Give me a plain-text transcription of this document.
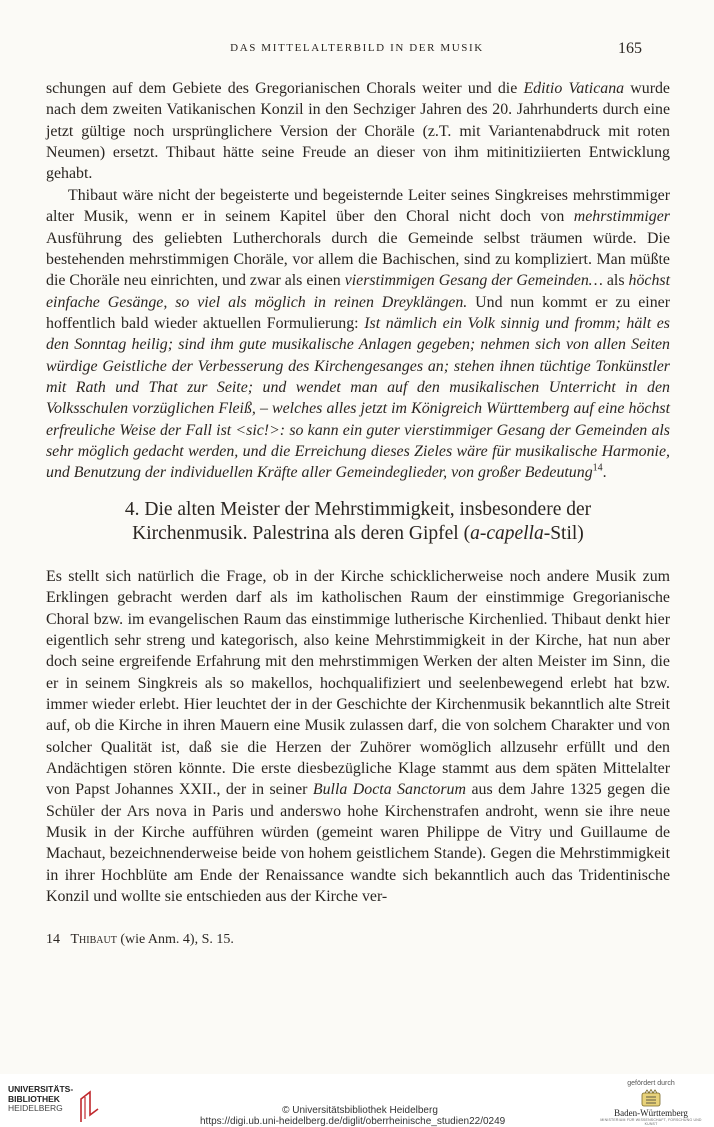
DAS MITTELALTERBILD IN DER MUSIK	165

schungen auf dem Gebiete des Gregorianischen Chorals weiter und die Editio Vaticana wurde nach dem zweiten Vatikanischen Konzil in den Sechziger Jahren des 20. Jahrhunderts durch eine jetzt gültige noch ursprünglichere Version der Choräle (z.T. mit Variantenabdruck mit roten Neumen) ersetzt. Thibaut hätte seine Freude an dieser von ihm mitinitiziierten Entwicklung gehabt.

Thibaut wäre nicht der begeisterte und begeisternde Leiter seines Singkreises mehrstimmiger alter Musik, wenn er in seinem Kapitel über den Choral nicht doch von mehrstimmiger Ausführung des geliebten Lutherchorals durch die Gemeinde selbst träumen würde. Die bestehenden mehrstimmigen Choräle, vor allem die Bachischen, sind zu kompliziert. Man müßte die Choräle neu einrichten, und zwar als einen vierstimmigen Gesang der Gemeinden… als höchst einfache Gesänge, so viel als möglich in reinen Dreyklängen. Und nun kommt er zu einer hoffentlich bald wieder aktuellen Formulierung: Ist nämlich ein Volk sinnig und fromm; hält es den Sonntag heilig; sind ihm gute musikalische Anlagen gegeben; nehmen sich von allen Seiten würdige Geistliche der Verbesserung des Kirchengesanges an; stehen ihnen tüchtige Tonkünstler mit Rath und That zur Seite; und wendet man auf den musikalischen Unterricht in den Volksschulen vorzüglichen Fleiß, – welches alles jetzt im Königreich Württemberg auf eine höchst erfreuliche Weise der Fall ist <sic!>: so kann ein guter vierstimmiger Gesang der Gemeinden als sehr möglich gedacht werden, und die Erreichung dieses Zieles wäre für musikalische Harmonie, und Benutzung der individuellen Kräfte aller Gemeindeglieder, von großer Bedeutung$^{14}$.

4. Die alten Meister der Mehrstimmigkeit, insbesondere der
Kirchenmusik. Palestrina als deren Gipfel (a-capella-Stil)

Es stellt sich natürlich die Frage, ob in der Kirche schicklicherweise noch andere Musik zum Erklingen gebracht werden darf als im katholischen Raum der einstimmige Gregorianische Choral bzw. im evangelischen Raum das einstimmige lutherische Kirchenlied. Thibaut denkt hier eigentlich sehr streng und kategorisch, also keine Mehrstimmigkeit in der Kirche, hat nun aber doch seine ergreifende Erfahrung mit den mehrstimmigen Werken der alten Meister im Sinn, die er in seinem Singkreis als so makellos, hochqualifiziert und seelenbewegend erlebt hat bzw. immer wieder erlebt. Hier leuchtet der in der Geschichte der Kirchenmusik bekanntlich alte Streit auf, ob die Kirche in ihren Mauern eine Musik zulassen darf, die von solchem Charakter und von solcher Qualität ist, daß sie die Herzen der Zuhörer womöglich allzusehr erfüllt und den Andächtigen stören könnte. Die erste diesbezügliche Klage stammt aus dem späten Mittelalter von Papst Johannes XXII., der in seiner Bulla Docta Sanctorum aus dem Jahre 1325 gegen die Schüler der Ars nova in Paris und anderswo hohe Kirchenstrafen androht, wenn sie ihre neue Musik in der Kirche aufführen würden (gemeint waren Philippe de Vitry und Guillaume de Machaut, bezeichnenderweise beide von hohem geistlichem Stande). Gegen die Mehrstimmigkeit in ihrer Hochblüte am Ende der Renaissance wandte sich bekanntlich auch das Tridentinische Konzil und wollte sie entschieden aus der Kirche ver-

14 Thibaut (wie Anm. 4), S. 15.
UNIVERSITÄTS-
BIBLIOTHEK
HEIDELBERG	© Universitätsbibliothek Heidelberg
https://digi.ub.uni-heidelberg.de/diglit/oberrheinische_studien22/0249
gefördert durch
Baden-Württemberg
MINISTERIUM FÜR WISSENSCHAFT, FORSCHUNG UND KUNST
